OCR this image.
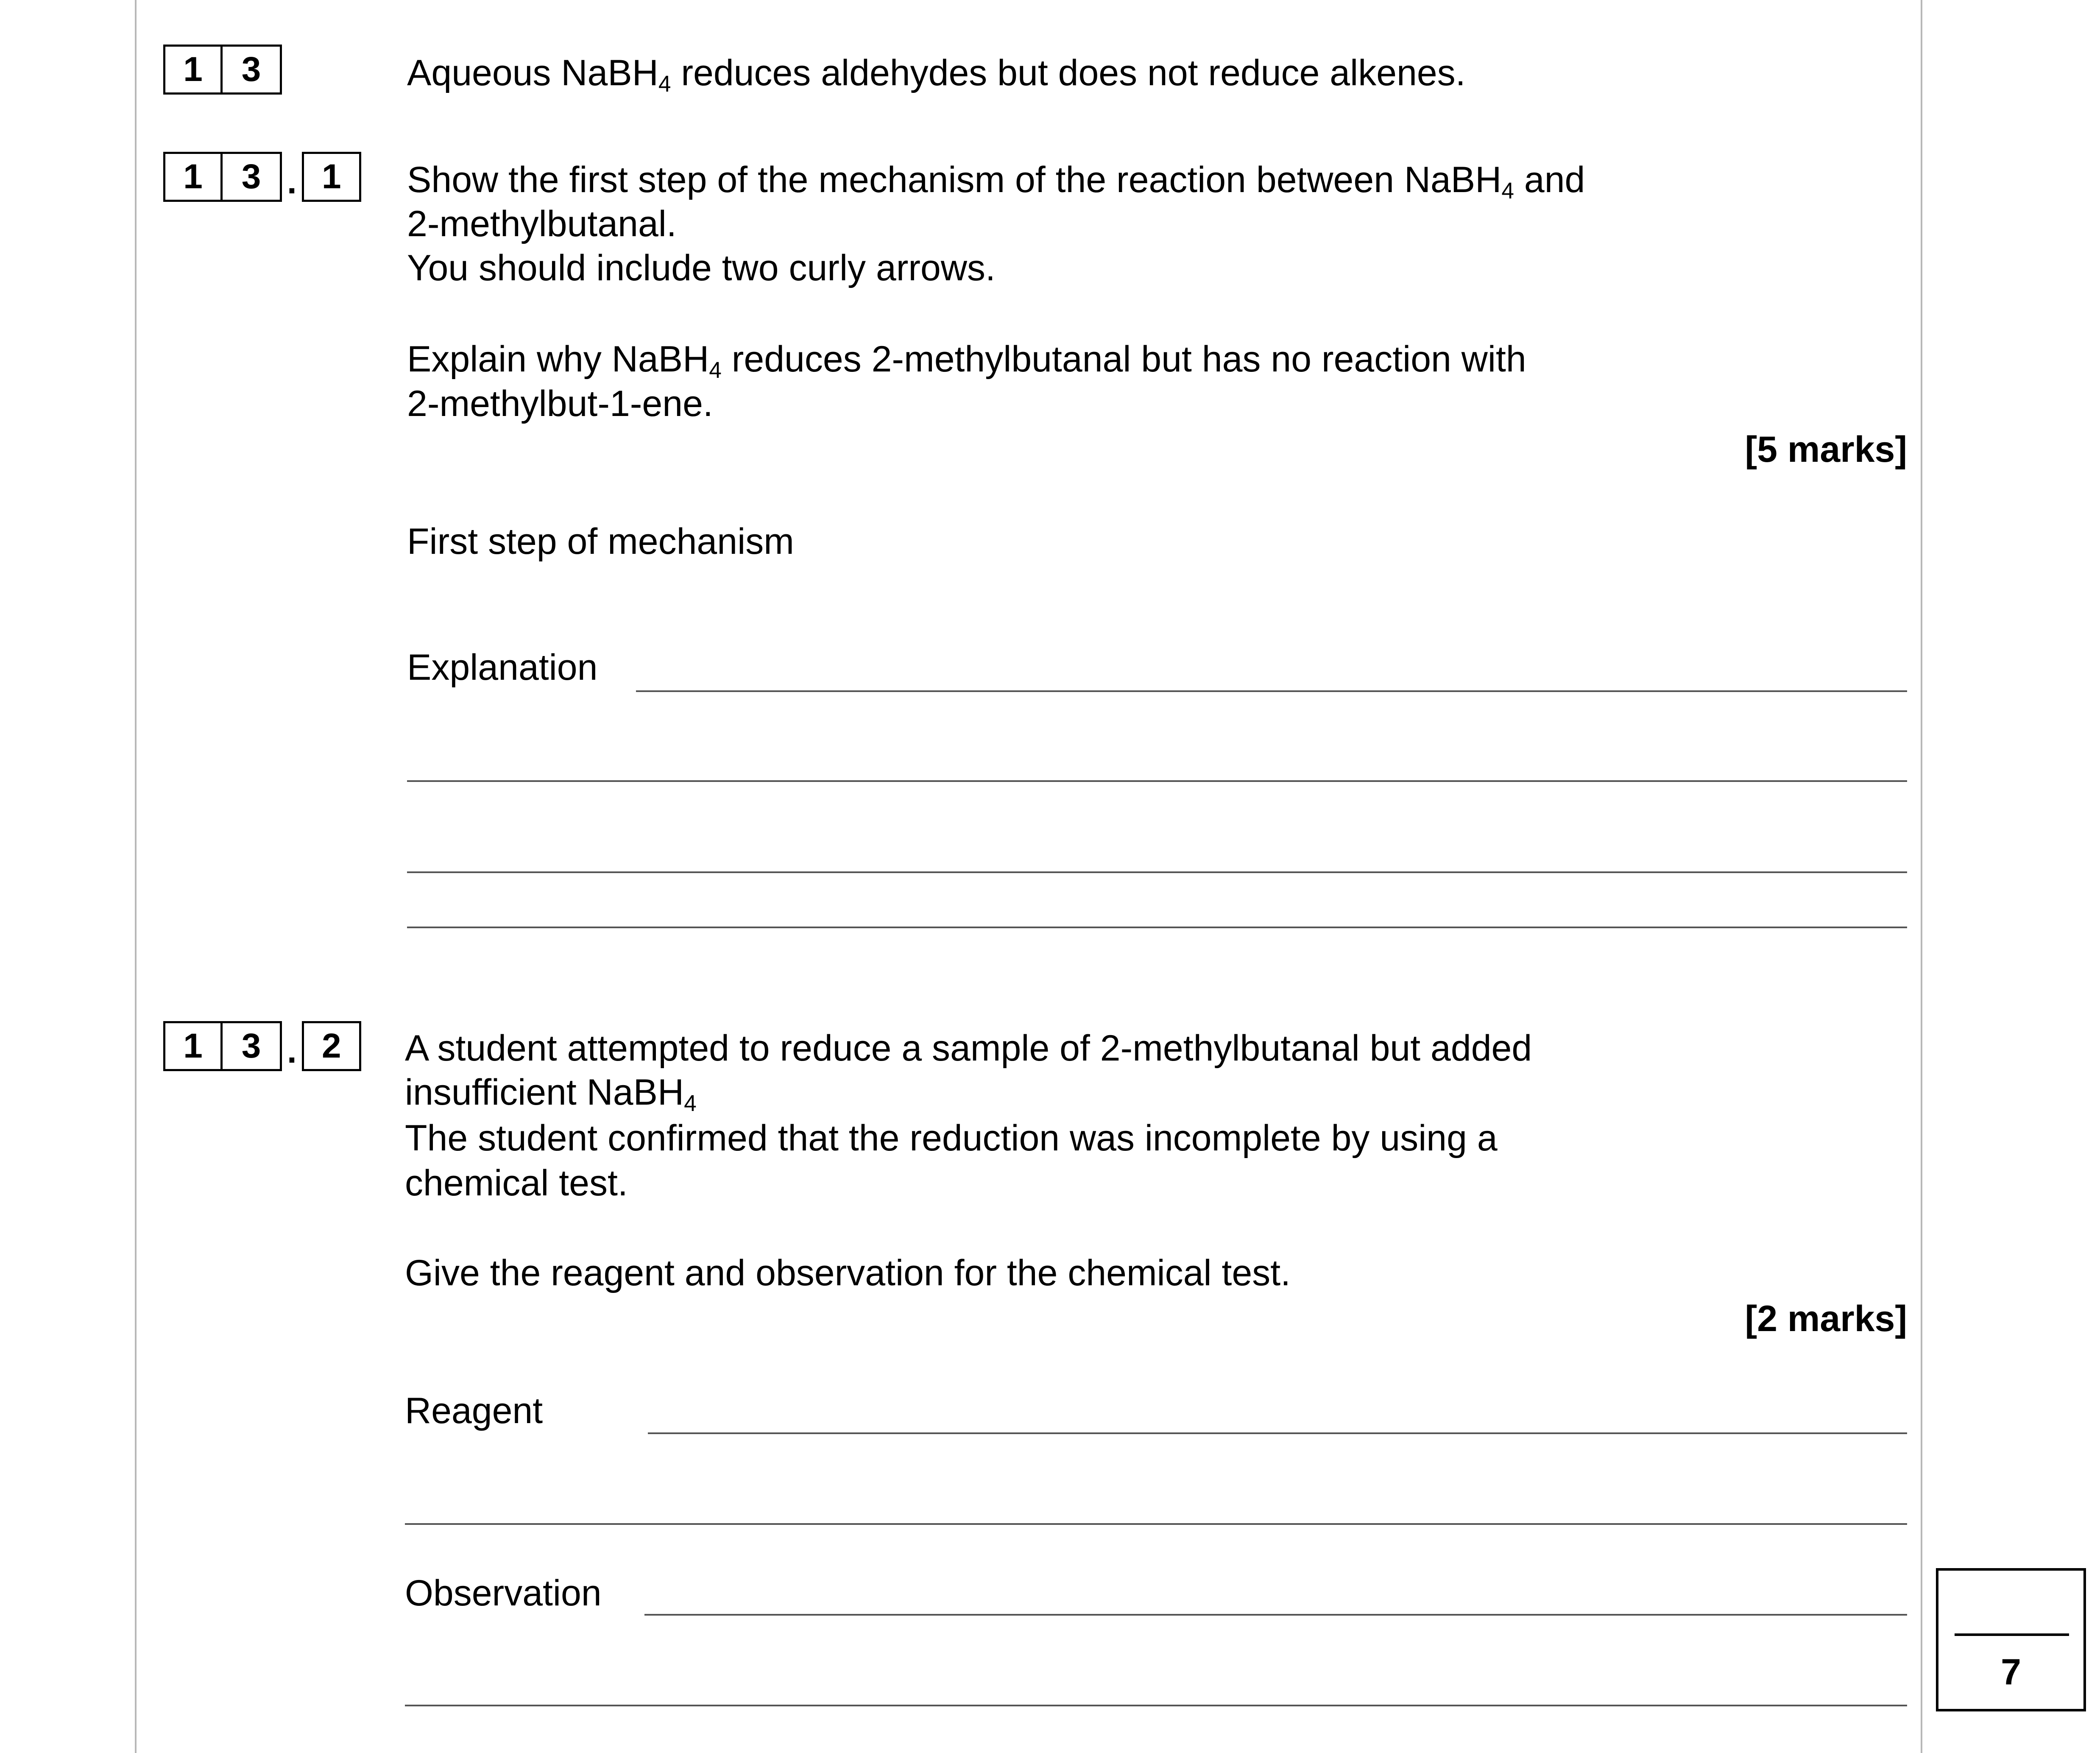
1	3	Aqueous NaBH4 reduces aldehydes but does not reduce alkenes.
1	3 . 1	Show the first step of the mechanism of the reaction between NaBH4 and
2-methylbutanal.
You should include two curly arrows.
Explain why NaBH4 reduces 2-methylbutanal but has no reaction with
2-methylbut-1-ene.
[5 marks]
First step of mechanism
Explanation
1	3 . 2	A student attempted to reduce a sample of 2-methylbutanal but added
insufficient NaBH4
The student confirmed that the reduction was incomplete by using a
chemical test.
Give the reagent and observation for the chemical test.
[2 marks]
Reagent
Observation
7
